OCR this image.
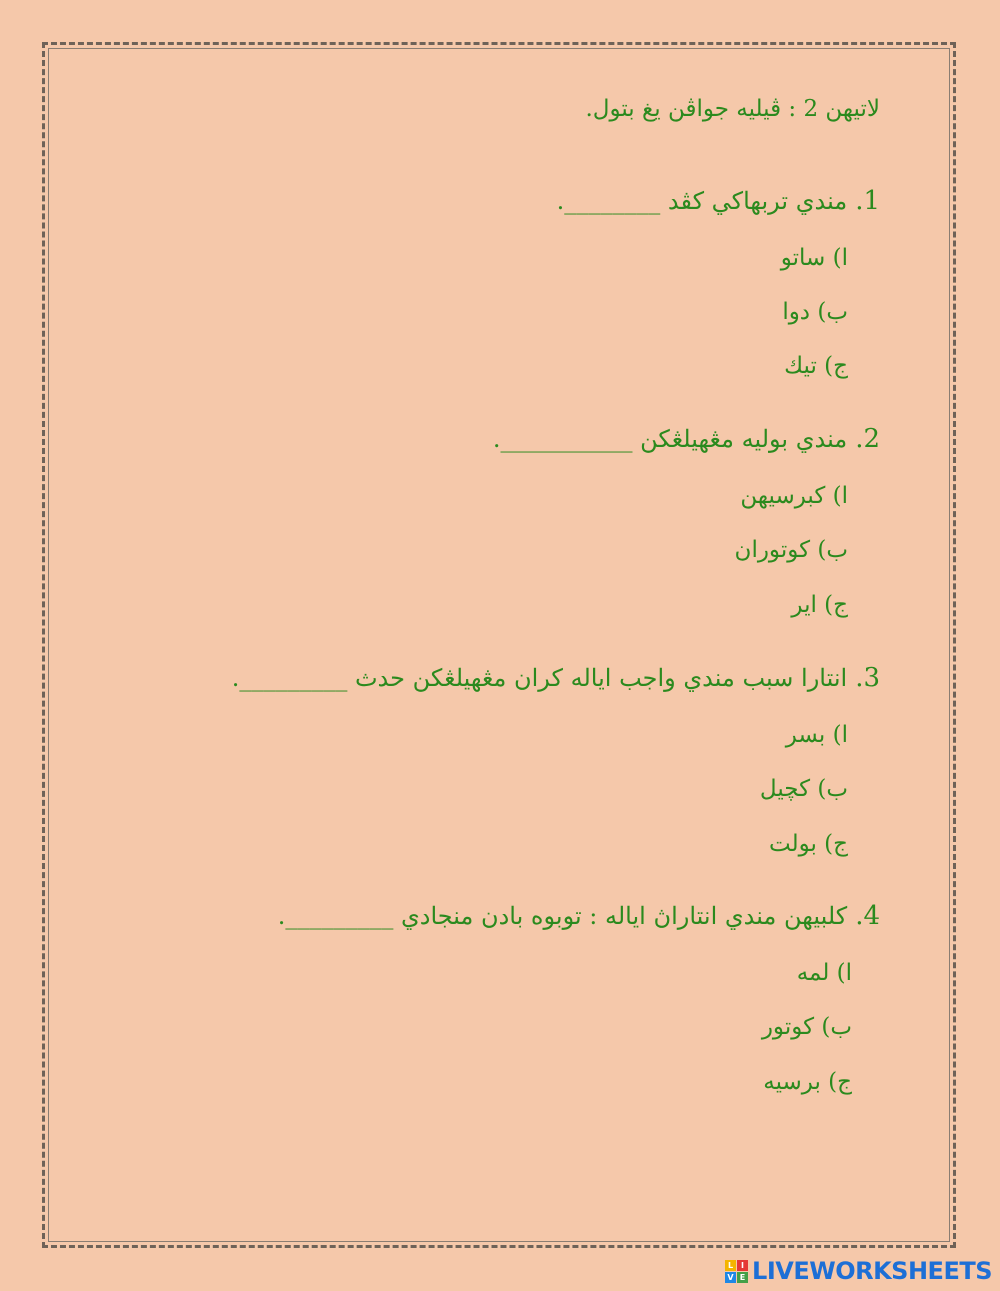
لاتيهن 2 : ڤيليه جواڤن يغ بتول.
1.
مندي تربهاکي کڤد ________.
ا) ساتو
ب) دوا
ج) تيك
2.
مندي بوليه مڠهيلڠکن ___________.
ا) کبرسيهن
ب) کوتوران
ج) اير
3.
انتارا سبب مندي واجب اياله کران مڠهيلڠکن حدث _________.
ا) بسر
ب) کچيل
ج) بولت
4.
کلبيهن مندي انتاراڽ اياله : توبوه بادن منجادي _________.
ا) لمه
ب) کوتور
ج) برسيه
L I
V E LIVEWORKSHEETS
